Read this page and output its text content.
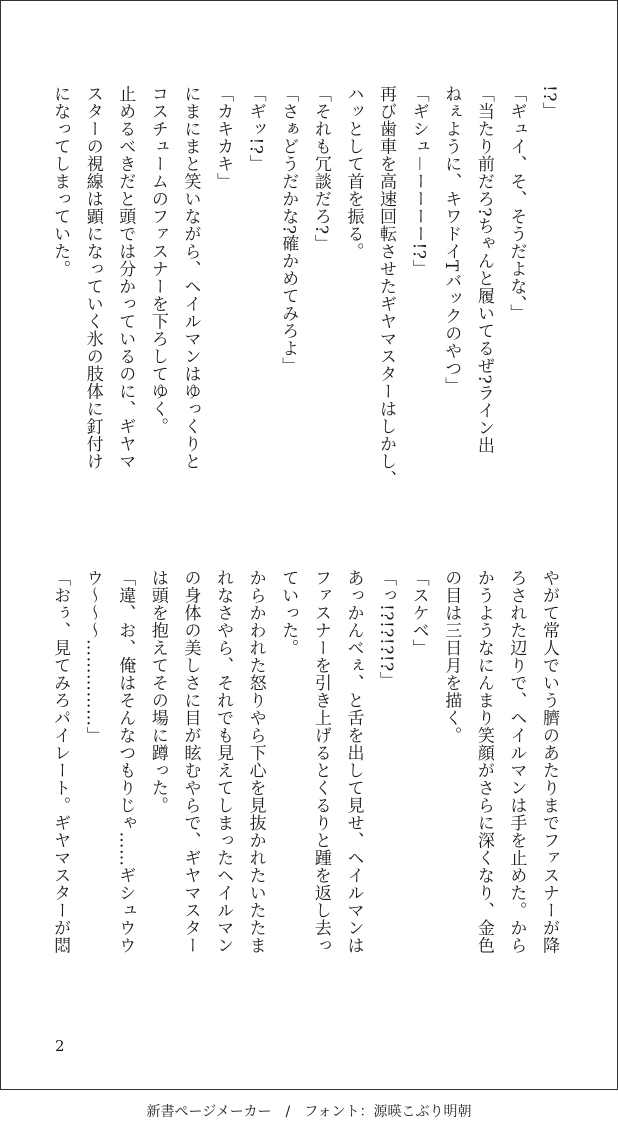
!?」
「ギュイ、そ、そうだよな、」
「当たり前だろ?ちゃんと履いてるぜ?ライン出
ねぇように、キワドイTバックのやつ」
「ギシュ－ーーーー!?」
再び歯車を高速回転させたギヤマスターはしかし、
ハッとして首を振る。
「それも冗談だろ?」
「さぁどうだかな?確かめてみろよ」
「ギッ!?」
「カキカキ」
にまにまと笑いながら、ヘイルマンはゆっくりと
コスチュームのファスナーを下ろしてゆく。
止めるべきだと頭では分かっているのに、ギヤマ
スターの視線は顕になっていく氷の肢体に釘付け
になってしまっていた。
やがて常人でいう臍のあたりまでファスナーが降
ろされた辺りで、ヘイルマンは手を止めた。から
かうようなにんまり笑顔がさらに深くなり、金色
の目は三日月を描く。
「スケベ」
「っ!?!?!?!?」
あっかんべぇ、と舌を出して見せ、ヘイルマンは
ファスナーを引き上げるとくるりと踵を返し去っ
ていった。
からかわれた怒りやら下心を見抜かれたいたたま
れなさやら、それでも見えてしまったヘイルマン
の身体の美しさに目が眩むやらで、ギヤマスター
は頭を抱えてその場に蹲った。
「違、お、俺はそんなつもりじゃ……ギシュウウ
ウ～～～……………」
「おぅ、見てみろパイレート。ギヤマスターが悶
2
新書ページメーカー　/　フォント：源暎こぶり明朝
